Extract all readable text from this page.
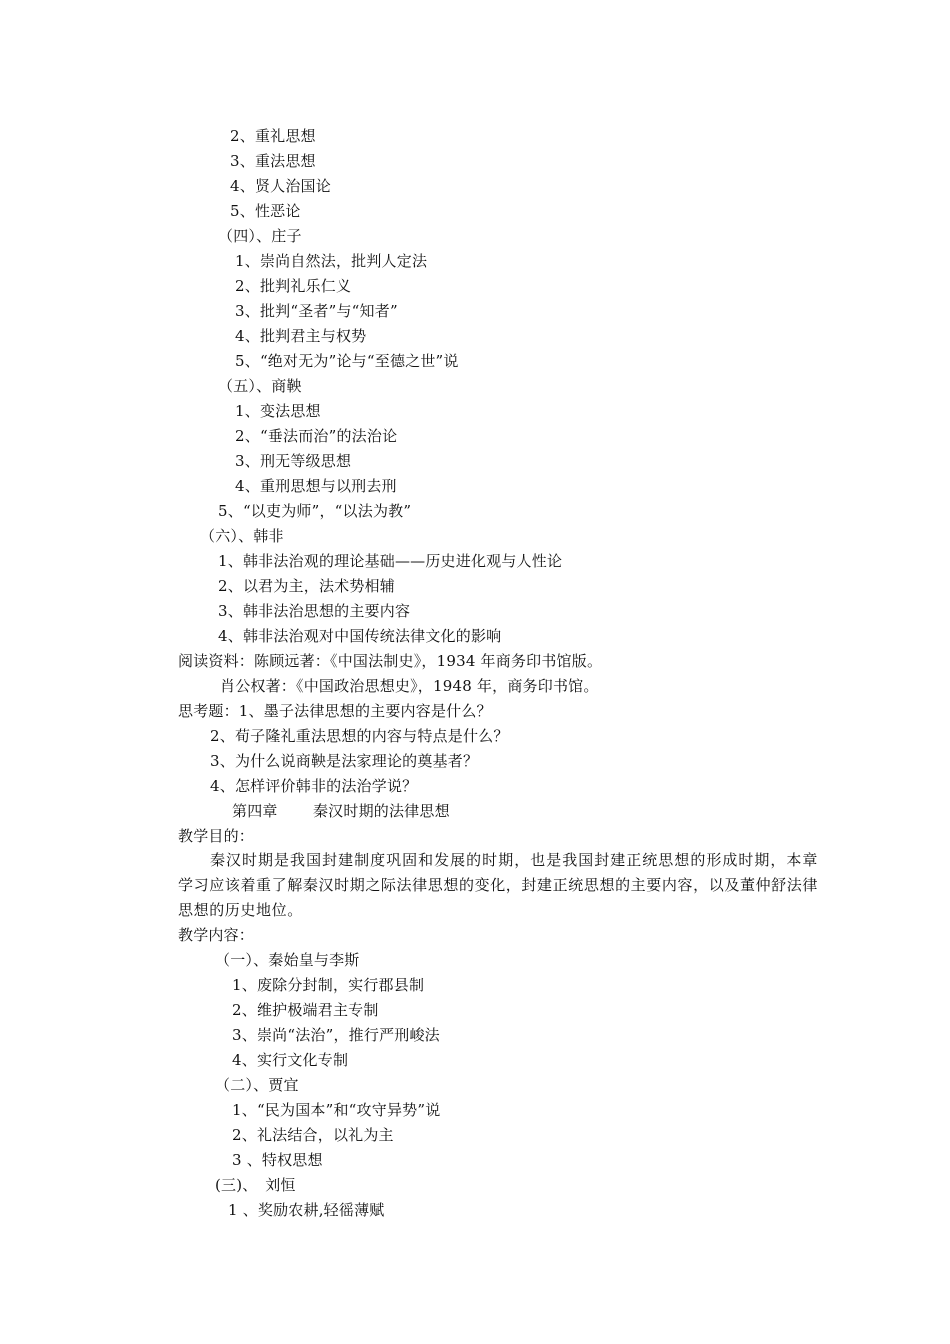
2、重礼思想
3、重法思想
4、贤人治国论
5、性恶论
（四）、庄子
1、崇尚自然法，批判人定法
2、批判礼乐仁义
3、批判“圣者”与“知者”
4、批判君主与权势
5、“绝对无为”论与“至德之世”说
（五）、商鞅
1、变法思想
2、“垂法而治”的法治论
3、刑无等级思想
4、重刑思想与以刑去刑
5、“以吏为师”，“以法为教”
（六）、韩非
1、韩非法治观的理论基础——历史进化观与人性论
2、以君为主，法术势相辅
3、韩非法治思想的主要内容
4、韩非法治观对中国传统法律文化的影响
阅读资料：陈顾远著：《中国法制史》，1934 年商务印书馆版。
肖公权著：《中国政治思想史》，1948 年，商务印书馆。
思考题：1、墨子法律思想的主要内容是什么？
2、荀子隆礼重法思想的内容与特点是什么？
3、为什么说商鞅是法家理论的奠基者？
4、怎样评价韩非的法治学说？
第四章　　 秦汉时期的法律思想
教学目的：
秦汉时期是我国封建制度巩固和发展的时期，也是我国封建正统思想的形成时期，本章学习应该着重了解秦汉时期之际法律思想的变化，封建正统思想的主要内容，以及董仲舒法律思想的历史地位。
教学内容：
（一）、秦始皇与李斯
1、废除分封制，实行郡县制
2、维护极端君主专制
3、崇尚“法治”，推行严刑峻法
4、实行文化专制
（二）、贾宜
1、“民为国本”和“攻守异势”说
2、礼法结合，以礼为主
3 、特权思想
(三)、　刘恒
1 、奖励农耕,轻徭薄赋
